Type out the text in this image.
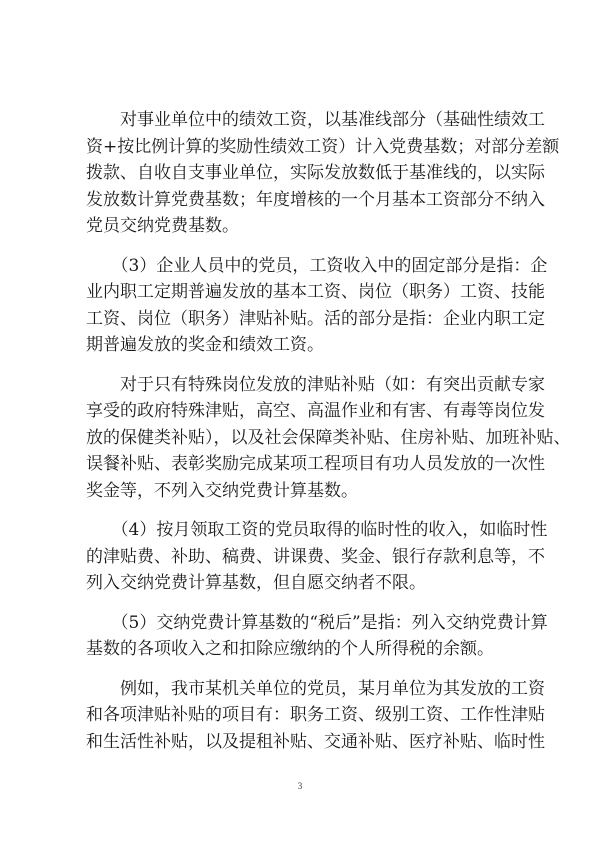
　　对事业单位中的绩效工资，以基准线部分（基础性绩效工
资+按比例计算的奖励性绩效工资）计入党费基数；对部分差额
拨款、自收自支事业单位，实际发放数低于基准线的，以实际
发放数计算党费基数；年度增核的一个月基本工资部分不纳入
党员交纳党费基数。
　　（3）企业人员中的党员，工资收入中的固定部分是指：企
业内职工定期普遍发放的基本工资、岗位（职务）工资、技能
工资、岗位（职务）津贴补贴。活的部分是指：企业内职工定
期普遍发放的奖金和绩效工资。
　　对于只有特殊岗位发放的津贴补贴（如：有突出贡献专家
享受的政府特殊津贴，高空、高温作业和有害、有毒等岗位发
放的保健类补贴），以及社会保障类补贴、住房补贴、加班补贴、
误餐补贴、表彰奖励完成某项工程项目有功人员发放的一次性
奖金等，不列入交纳党费计算基数。
　　（4）按月领取工资的党员取得的临时性的收入，如临时性
的津贴费、补助、稿费、讲课费、奖金、银行存款利息等，不
列入交纳党费计算基数，但自愿交纳者不限。
　　（5）交纳党费计算基数的“税后”是指：列入交纳党费计算
基数的各项收入之和扣除应缴纳的个人所得税的余额。
　　例如，我市某机关单位的党员，某月单位为其发放的工资
和各项津贴补贴的项目有：职务工资、级别工资、工作性津贴
和生活性补贴，以及提租补贴、交通补贴、医疗补贴、临时性
3
